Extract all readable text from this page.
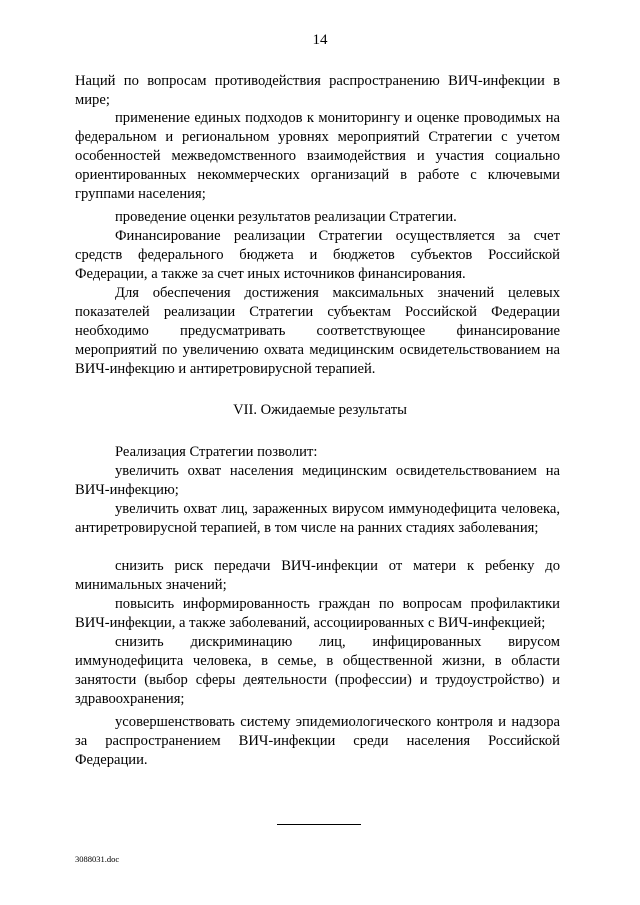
14

Наций по вопросам противодействия распространению ВИЧ-инфекции в мире;

применение единых подходов к мониторингу и оценке проводимых на федеральном и региональном уровнях мероприятий Стратегии с учетом особенностей межведомственного взаимодействия и участия социально ориентированных некоммерческих организаций в работе с ключевыми группами населения;

проведение оценки результатов реализации Стратегии.

Финансирование реализации Стратегии осуществляется за счет средств федерального бюджета и бюджетов субъектов Российской Федерации, а также за счет иных источников финансирования.

Для обеспечения достижения максимальных значений целевых показателей реализации Стратегии субъектам Российской Федерации необходимо предусматривать соответствующее финансирование мероприятий по увеличению охвата медицинским освидетельствованием на ВИЧ-инфекцию и антиретровирусной терапией.

VII. Ожидаемые результаты

Реализация Стратегии позволит:

увеличить охват населения медицинским освидетельствованием на ВИЧ-инфекцию;

увеличить охват лиц, зараженных вирусом иммунодефицита человека, антиретровирусной терапией, в том числе на ранних стадиях заболевания;

снизить риск передачи ВИЧ-инфекции от матери к ребенку до минимальных значений;

повысить информированность граждан по вопросам профилактики ВИЧ-инфекции, а также заболеваний, ассоциированных с ВИЧ-инфекцией;

снизить дискриминацию лиц, инфицированных вирусом иммунодефицита человека, в семье, в общественной жизни, в области занятости (выбор сферы деятельности (профессии) и трудоустройство) и здравоохранения;

усовершенствовать систему эпидемиологического контроля и надзора за распространением ВИЧ-инфекции среди населения Российской Федерации.

3088031.doc
